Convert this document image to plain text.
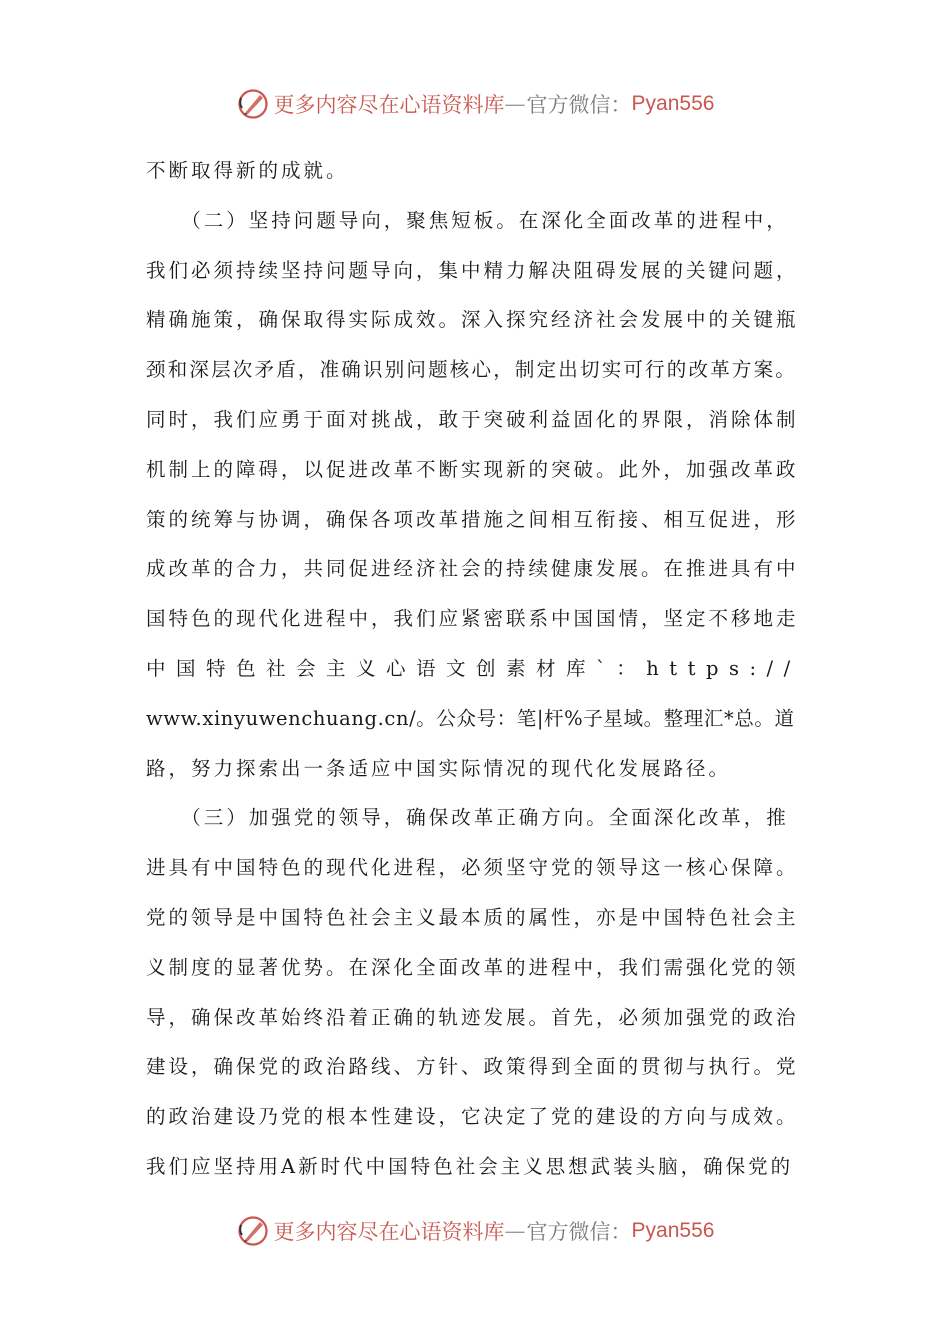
更多内容尽在心语资料库 — 官方微信： Pyan556
不断取得新的成就。
　　（二）坚持问题导向，聚焦短板。在深化全面改革的进程中，
我们必须持续坚持问题导向，集中精力解决阻碍发展的关键问题，
精确施策，确保取得实际成效。深入探究经济社会发展中的关键瓶
颈和深层次矛盾，准确识别问题核心，制定出切实可行的改革方案。
同时，我们应勇于面对挑战，敢于突破利益固化的界限，消除体制
机制上的障碍，以促进改革不断实现新的突破。此外，加强改革政
策的统筹与协调，确保各项改革措施之间相互衔接、相互促进，形
成改革的合力，共同促进经济社会的持续健康发展。在推进具有中
国特色的现代化进程中，我们应紧密联系中国国情，坚定不移地走
中国特色社会主义心语文创素材库`：https://
www.xinyuwenchuang.cn/。公众号：笔|杆%子星域。整理汇*总。道
路，努力探索出一条适应中国实际情况的现代化发展路径。
　　（三）加强党的领导，确保改革正确方向。全面深化改革，推
进具有中国特色的现代化进程，必须坚守党的领导这一核心保障。
党的领导是中国特色社会主义最本质的属性，亦是中国特色社会主
义制度的显著优势。在深化全面改革的进程中，我们需强化党的领
导，确保改革始终沿着正确的轨迹发展。首先，必须加强党的政治
建设，确保党的政治路线、方针、政策得到全面的贯彻与执行。党
的政治建设乃党的根本性建设，它决定了党的建设的方向与成效。
我们应坚持用A新时代中国特色社会主义思想武装头脑，确保党的
更多内容尽在心语资料库 — 官方微信： Pyan556
